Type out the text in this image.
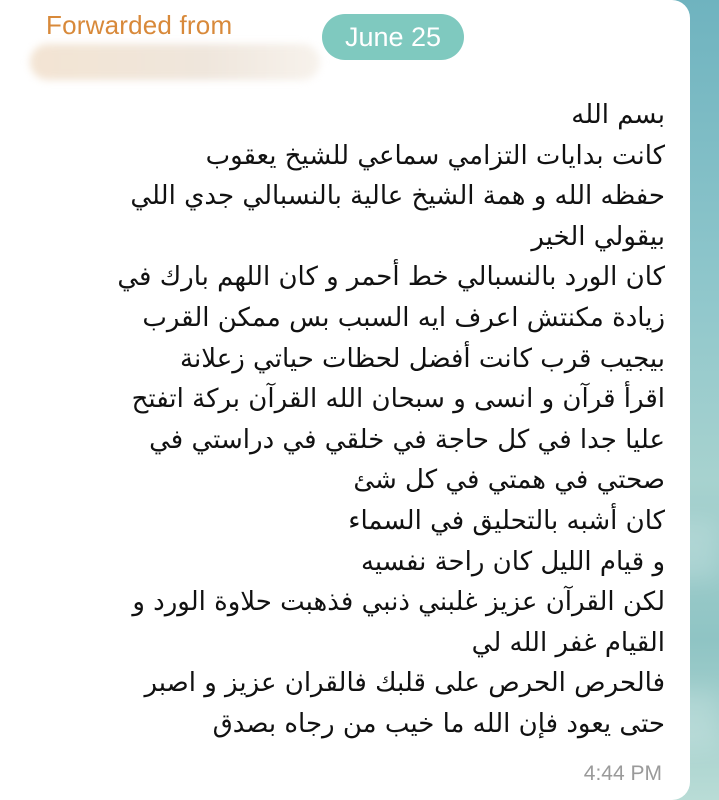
Forwarded from
بسم الله
كانت بدايات التزامي سماعي للشيخ يعقوب
حفظه الله و همة الشيخ عالية بالنسبالي جدي اللي
بيقولي الخير
كان الورد بالنسبالي خط أحمر و كان اللهم بارك في
زيادة مكنتش اعرف ايه السبب بس ممكن القرب
بيجيب قرب كانت أفضل لحظات حياتي زعلانة
اقرأ قرآن و انسى و سبحان الله القرآن بركة اتفتح
عليا جدا في كل حاجة في خلقي في دراستي في
صحتي في همتي في كل شئ
كان أشبه بالتحليق في السماء
و قيام الليل كان راحة نفسيه
لكن القرآن عزيز غلبني ذنبي فذهبت حلاوة الورد و
القيام غفر الله لي
فالحرص الحرص على قلبك فالقران عزيز و اصبر
حتى يعود فإن الله ما خيب من رجاه بصدق
4:44 PM
June 25
